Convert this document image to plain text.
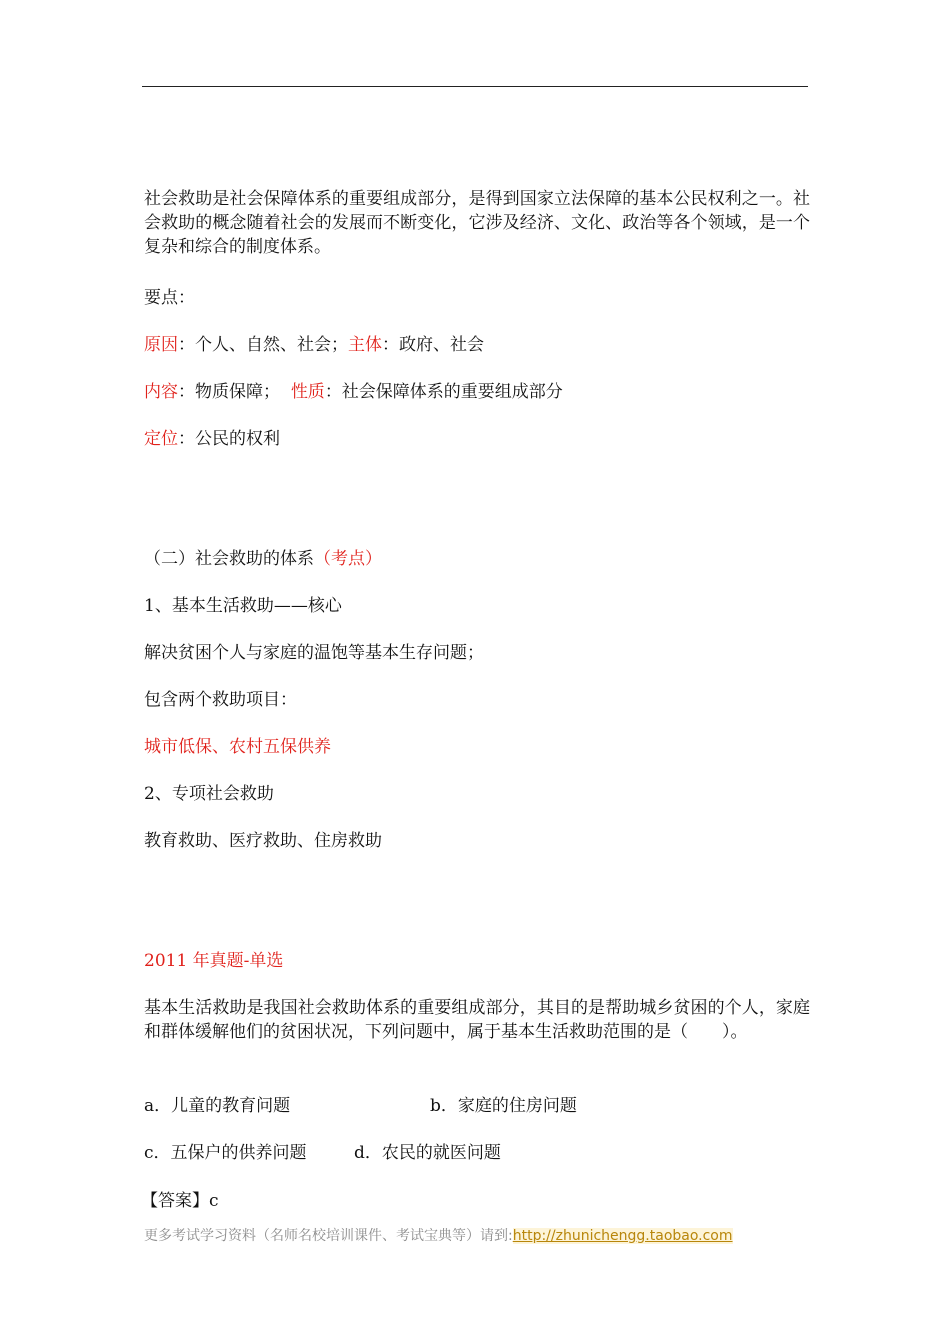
社会救助是社会保障体系的重要组成部分，是得到国家立法保障的基本公民权利之一。社会救助的概念随着社会的发展而不断变化，它涉及经济、文化、政治等各个领域，是一个复杂和综合的制度体系。
要点：
原因：个人、自然、社会；主体：政府、社会
内容：物质保障；  性质：社会保障体系的重要组成部分
定位：公民的权利
（二）社会救助的体系（考点）
1、基本生活救助——核心
解决贫困个人与家庭的温饱等基本生存问题；
包含两个救助项目：
城市低保、农村五保供养
2、专项社会救助
教育救助、医疗救助、住房救助
2011 年真题-单选
基本生活救助是我国社会救助体系的重要组成部分，其目的是帮助城乡贫困的个人，家庭和群体缓解他们的贫困状况，下列问题中，属于基本生活救助范围的是（　　）。
a．儿童的教育问题	b．家庭的住房问题
c．五保户的供养问题	d．农民的就医问题
【答案】c
更多考试学习资料（名师名校培训课件、考试宝典等）请到:http://zhunichengg.taobao.com
